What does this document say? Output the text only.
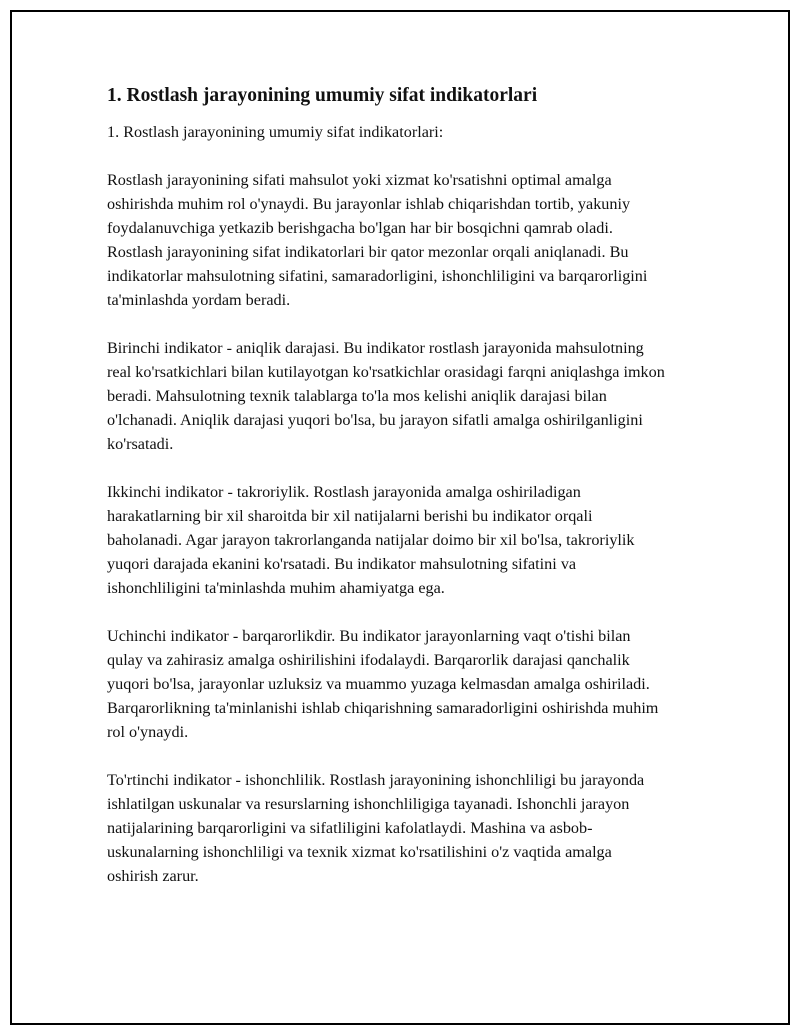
1. Rostlash jarayonining umumiy sifat indikatorlari

1. Rostlash jarayonining umumiy sifat indikatorlari:

Rostlash jarayonining sifati mahsulot yoki xizmat ko'rsatishni optimal amalga oshirishda muhim rol o'ynaydi. Bu jarayonlar ishlab chiqarishdan tortib, yakuniy foydalanuvchiga yetkazib berishgacha bo'lgan har bir bosqichni qamrab oladi. Rostlash jarayonining sifat indikatorlari bir qator mezonlar orqali aniqlanadi. Bu indikatorlar mahsulotning sifatini, samaradorligini, ishonchliligini va barqarorligini ta'minlashda yordam beradi.

Birinchi indikator - aniqlik darajasi. Bu indikator rostlash jarayonida mahsulotning real ko'rsatkichlari bilan kutilayotgan ko'rsatkichlar orasidagi farqni aniqlashga imkon beradi. Mahsulotning texnik talablarga to'la mos kelishi aniqlik darajasi bilan o'lchanadi. Aniqlik darajasi yuqori bo'lsa, bu jarayon sifatli amalga oshirilganligini ko'rsatadi.

Ikkinchi indikator - takroriylik. Rostlash jarayonida amalga oshiriladigan harakatlarning bir xil sharoitda bir xil natijalarni berishi bu indikator orqali baholanadi. Agar jarayon takrorlanganda natijalar doimo bir xil bo'lsa, takroriylik yuqori darajada ekanini ko'rsatadi. Bu indikator mahsulotning sifatini va ishonchliligini ta'minlashda muhim ahamiyatga ega.

Uchinchi indikator - barqarorlikdir. Bu indikator jarayonlarning vaqt o'tishi bilan qulay va zahirasiz amalga oshirilishini ifodalaydi. Barqarorlik darajasi qanchalik yuqori bo'lsa, jarayonlar uzluksiz va muammo yuzaga kelmasdan amalga oshiriladi. Barqarorlikning ta'minlanishi ishlab chiqarishning samaradorligini oshirishda muhim rol o'ynaydi.

To'rtinchi indikator - ishonchlilik. Rostlash jarayonining ishonchliligi bu jarayonda ishlatilgan uskunalar va resurslarning ishonchliligiga tayanadi. Ishonchli jarayon natijalarining barqarorligini va sifatliligini kafolatlaydi. Mashina va asbob-uskunalarning ishonchliligi va texnik xizmat ko'rsatilishini o'z vaqtida amalga oshirish zarur.
